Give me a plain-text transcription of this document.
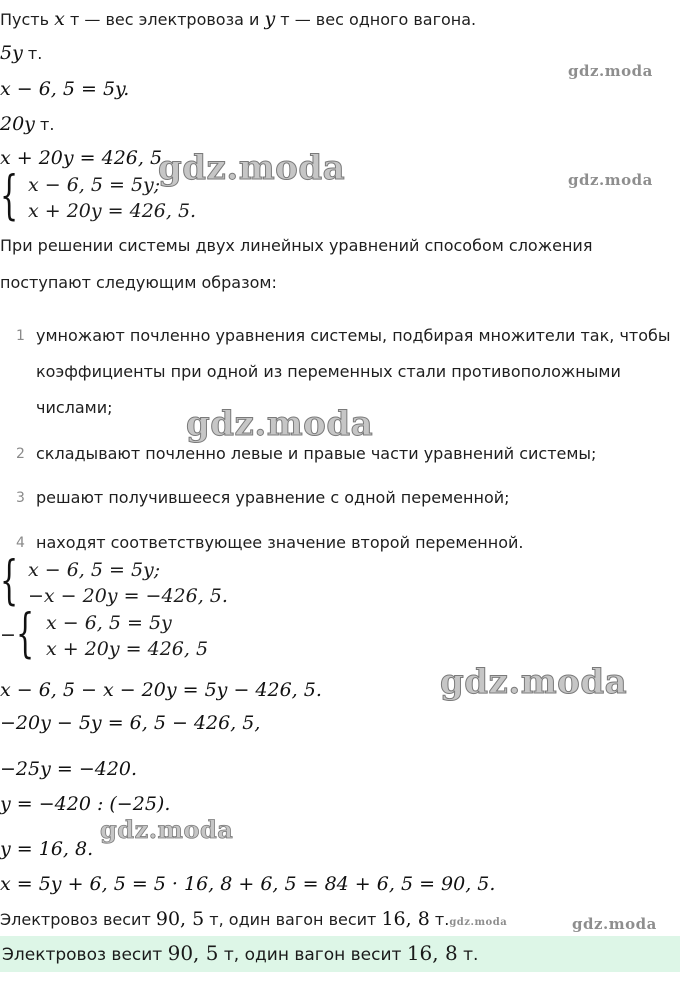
Пусть x т — вес электровоза и y т — вес одного вагона.
5y т.
x − 6, 5 = 5y.
20y т.
x + 20y = 426, 5.
{ x − 6, 5 = 5y;
x + 20y = 426, 5.
При решении системы двух линейных уравнений способом сложения
поступают следующим образом:
1 умножают почленно уравнения системы, подбирая множители так, чтобы
коэффициенты при одной из переменных стали противоположными
числами;
2 складывают почленно левые и правые части уравнений системы;
3 решают получившееся уравнение с одной переменной;
4 находят соответствующее значение второй переменной.
{ x − 6, 5 = 5y;
−x − 20y = −426, 5.
− { x − 6, 5 = 5y
x + 20y = 426, 5
x − 6, 5 − x − 20y = 5y − 426, 5.
−20y − 5y = 6, 5 − 426, 5,
−25y = −420.
y = −420 : (−25).
y = 16, 8.
x = 5y + 6, 5 = 5 · 16, 8 + 6, 5 = 84 + 6, 5 = 90, 5.
Электровоз весит 90, 5 т, один вагон весит 16, 8 т.gdz.moda
Электровоз весит 90, 5 т, один вагон весит 16, 8 т.
gdz.moda
gdz.moda	gdz.moda
gdz.moda
gdz.moda
gdz.moda
gdz.moda
